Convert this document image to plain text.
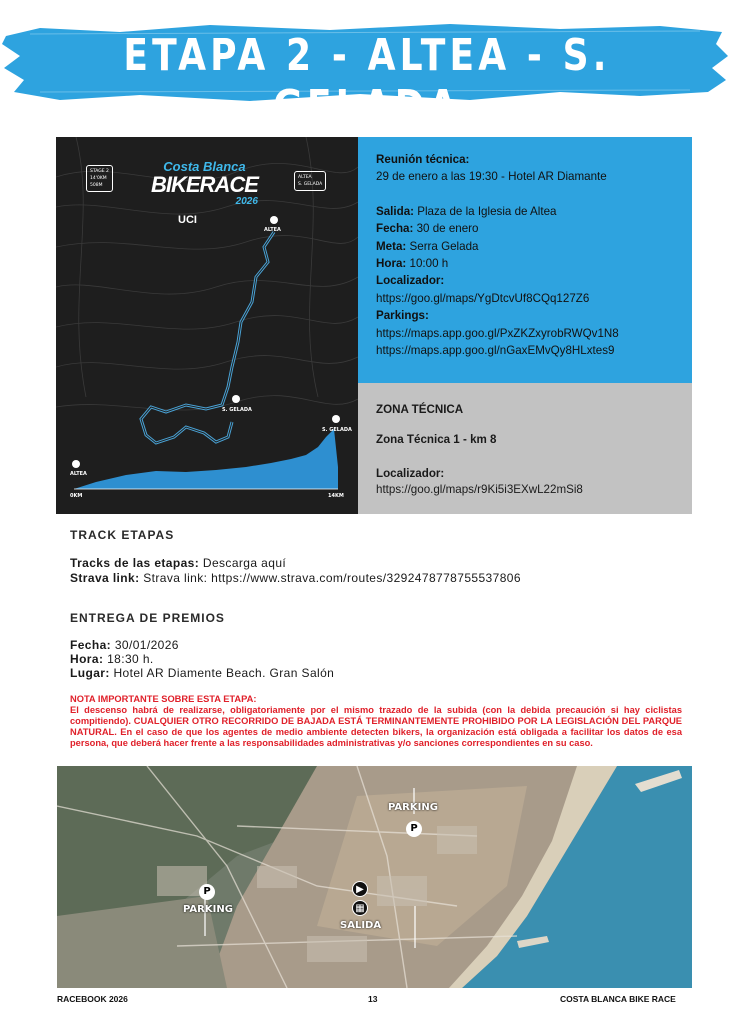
ETAPA 2 - ALTEA - S. GELADA
Costa Blanca
BIKERACE
2026
UCI
STAGE 2
14'0KM
508M
ALTEA
S. GELADA
ALTEA
S. GELADA
S. GELADA
ALTEA
0KM	14KM
Reunión técnica:
29 de enero a las 19:30 - Hotel AR Diamante
Salida: Plaza de la Iglesia de Altea
Fecha: 30 de enero
Meta: Serra Gelada
Hora: 10:00 h
Localizador:
https://goo.gl/maps/YgDtcvUf8CQq127Z6
Parkings:
https://maps.app.goo.gl/PxZKZxyrobRWQv1N8
https://maps.app.goo.gl/nGaxEMvQy8HLxtes9
ZONA TÉCNICA
Zona Técnica 1 - km 8
Localizador:
https://goo.gl/maps/r9Ki5i3EXwL22mSi8
TRACK ETAPAS
Tracks de las etapas: Descarga aquí
Strava link: Strava link: https://www.strava.com/routes/3292478778755537806
ENTREGA DE PREMIOS
Fecha: 30/01/2026
Hora: 18:30 h.
Lugar: Hotel AR Diamente Beach. Gran Salón
NOTA IMPORTANTE SOBRE ESTA ETAPA:
El descenso habrá de realizarse, obligatoriamente por el mismo trazado de la subida (con la debida precaución si hay ciclistas compitiendo). CUALQUIER OTRO RECORRIDO DE BAJADA ESTÁ TERMINANTEMENTE PROHIBIDO POR LA LEGISLACIÓN DEL PARQUE NATURAL. En el caso de que los agentes de medio ambiente detecten bikers, la organización está obligada a facilitar los datos de esa persona, que deberá hacer frente a las responsabilidades administrativas y/o sanciones correspondientes en su caso.
P
PARKING
P
PARKING
▶
▦
SALIDA
RACEBOOK 2026	13	COSTA BLANCA BIKE RACE
